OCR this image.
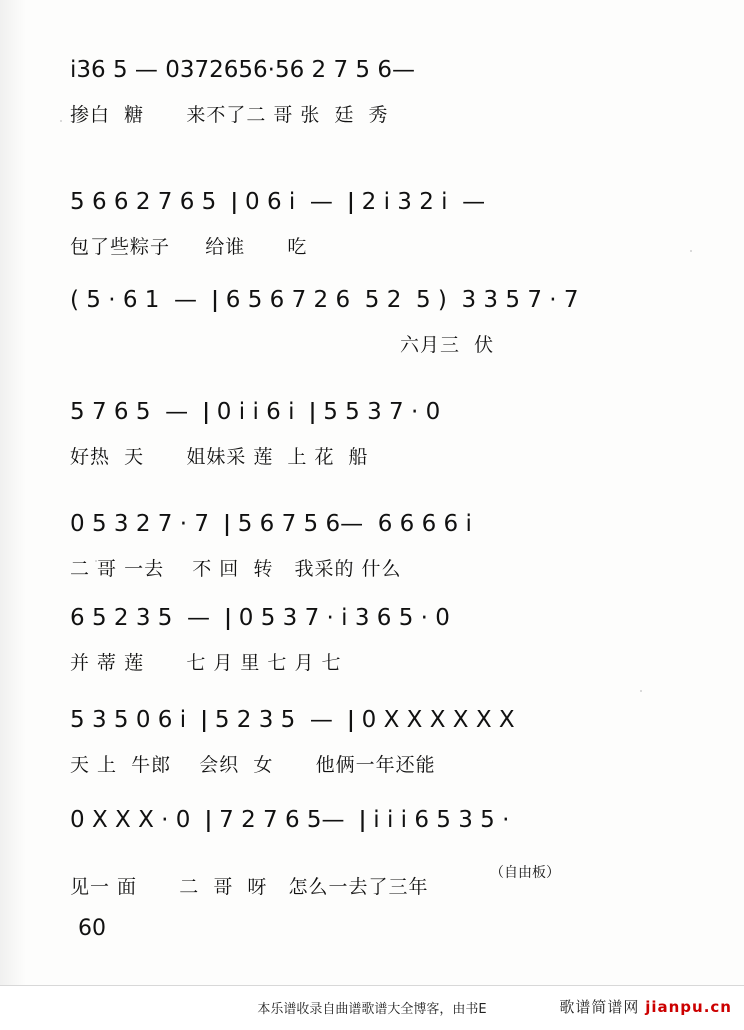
i36 5 — 0372656·56 2 7 5 6—
掺白  糖      来不了二 哥 张  廷  秀
5 6 6 2 7 6 5  ǀ 0 6 i  —  ǀ 2 i 3 2 i  —
包了些粽子     给谁      吃
( 5 · 6 1  —  ǀ 6 5 6 7 2 6  5 2  5 )  3 3 5 7 · 7
六月三  伏
5 7 6 5  —  ǀ 0 i i 6 i  ǀ 5 5 3 7 · 0
好热  天      姐妹采 莲  上 花  船
0 5 3 2 7 · 7  ǀ 5 6 7 5 6—  6 6 6 6 i
二 哥 一去    不 回  转   我采的 什么
6 5 2 3 5  —  ǀ 0 5 3 7 · i 3 6 5 · 0
并 蒂 莲      七 月 里 七 月 七
5 3 5 0 6 i  ǀ 5 2 3 5  —  ǀ 0 X X X X X X
天 上  牛郎    会织  女      他俩一年还能
0 X X X · 0  ǀ 7 2 7 6 5—  ǀ i i i 6 5 3 5 ·
见一 面      二  哥  呀   怎么一去了三年
（自由板）
60
本乐谱收录自曲谱歌谱大全博客，由书E	歌谱简谱网 jianpu.cn
